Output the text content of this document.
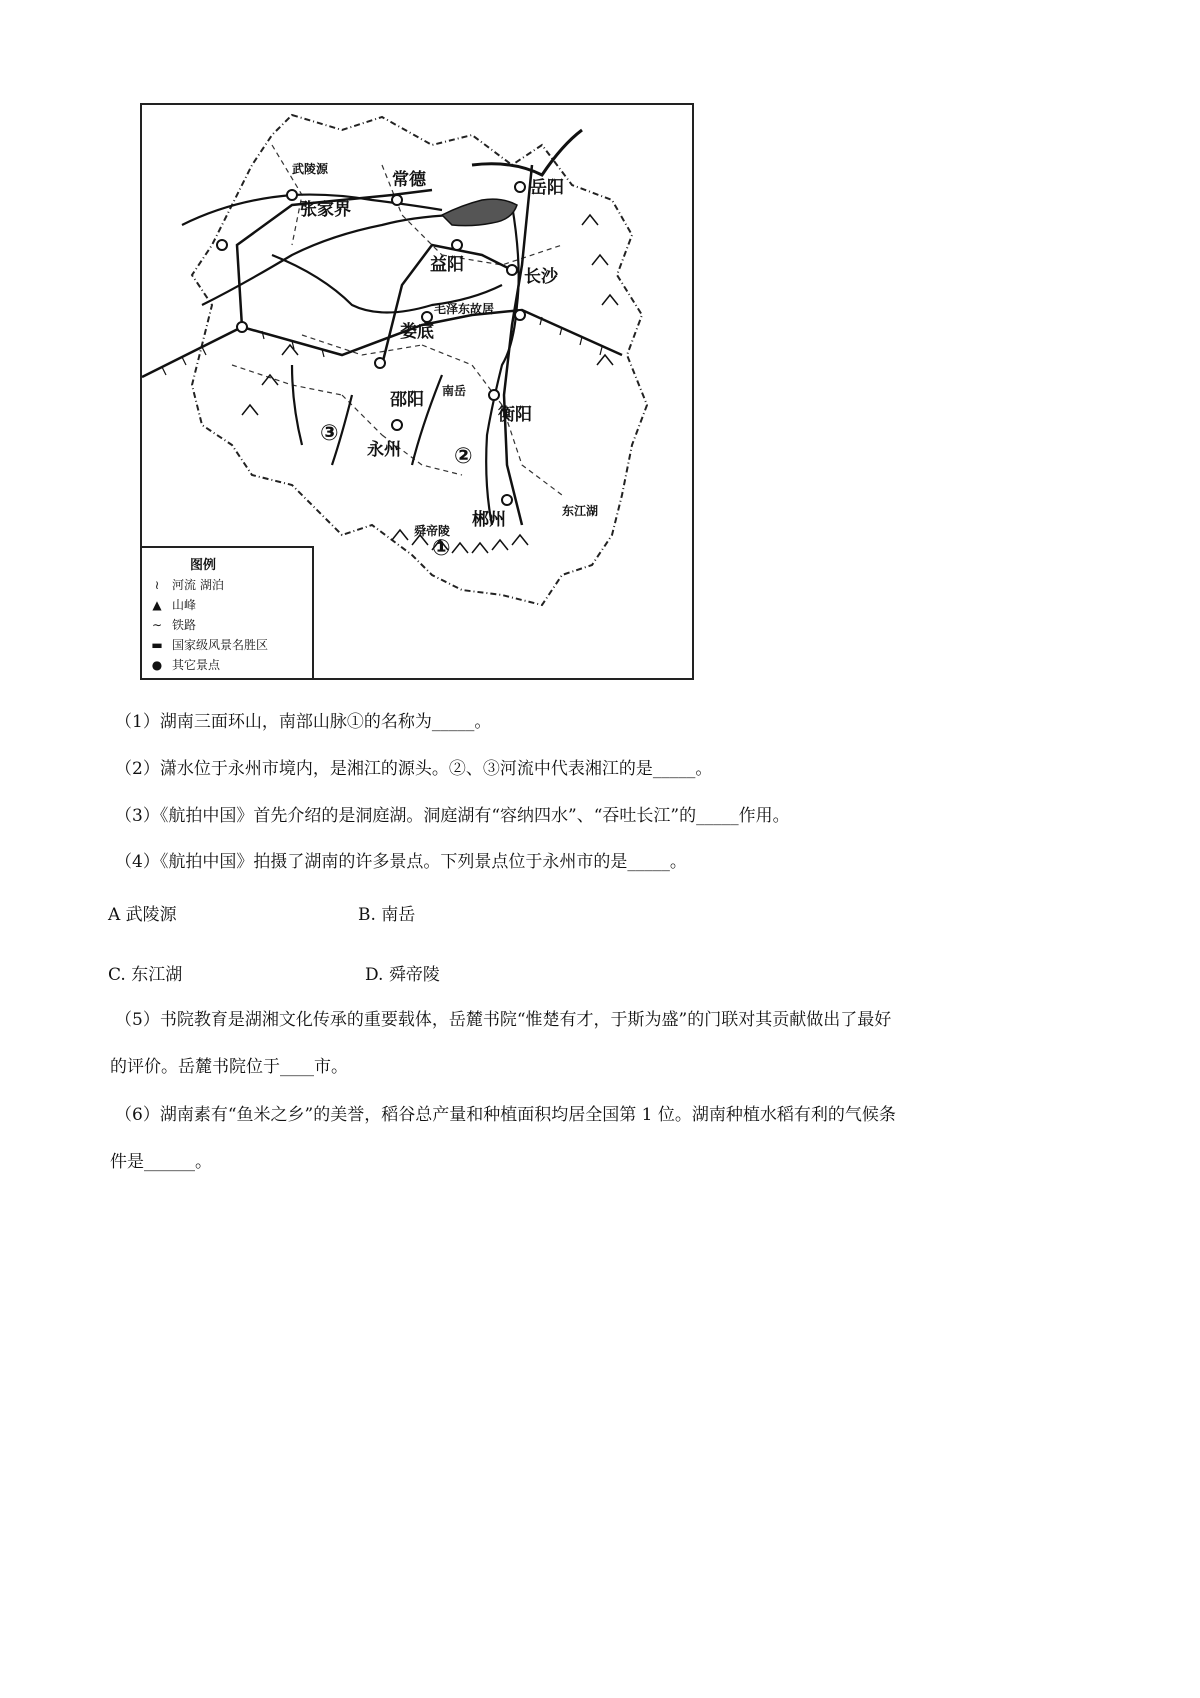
张家界
常德	岳阳
益阳
长沙
娄底
邵阳
衡阳
永州
郴州
武陵源
东江湖
舜帝陵
南岳
毛泽东故居
①
②
③
图例
≀	河流 湖泊
▲ 山峰
∼ 铁路
▬ 国家级风景名胜区
● 其它景点
（1）湖南三面环山，南部山脉①的名称为_____。
（2）潇水位于永州市境内，是湘江的源头。②、③河流中代表湘江的是_____。
（3）《航拍中国》首先介绍的是洞庭湖。洞庭湖有“容纳四水”、“吞吐长江”的_____作用。
（4）《航拍中国》拍摄了湖南的许多景点。下列景点位于永州市的是_____。
A 武陵源	B. 南岳
C. 东江湖	D. 舜帝陵
（5）书院教育是湖湘文化传承的重要载体，岳麓书院“惟楚有才，于斯为盛”的门联对其贡献做出了最好
的评价。岳麓书院位于____市。
（6）湖南素有“鱼米之乡”的美誉，稻谷总产量和种植面积均居全国第 1 位。湖南种植水稻有利的气候条
件是______。
